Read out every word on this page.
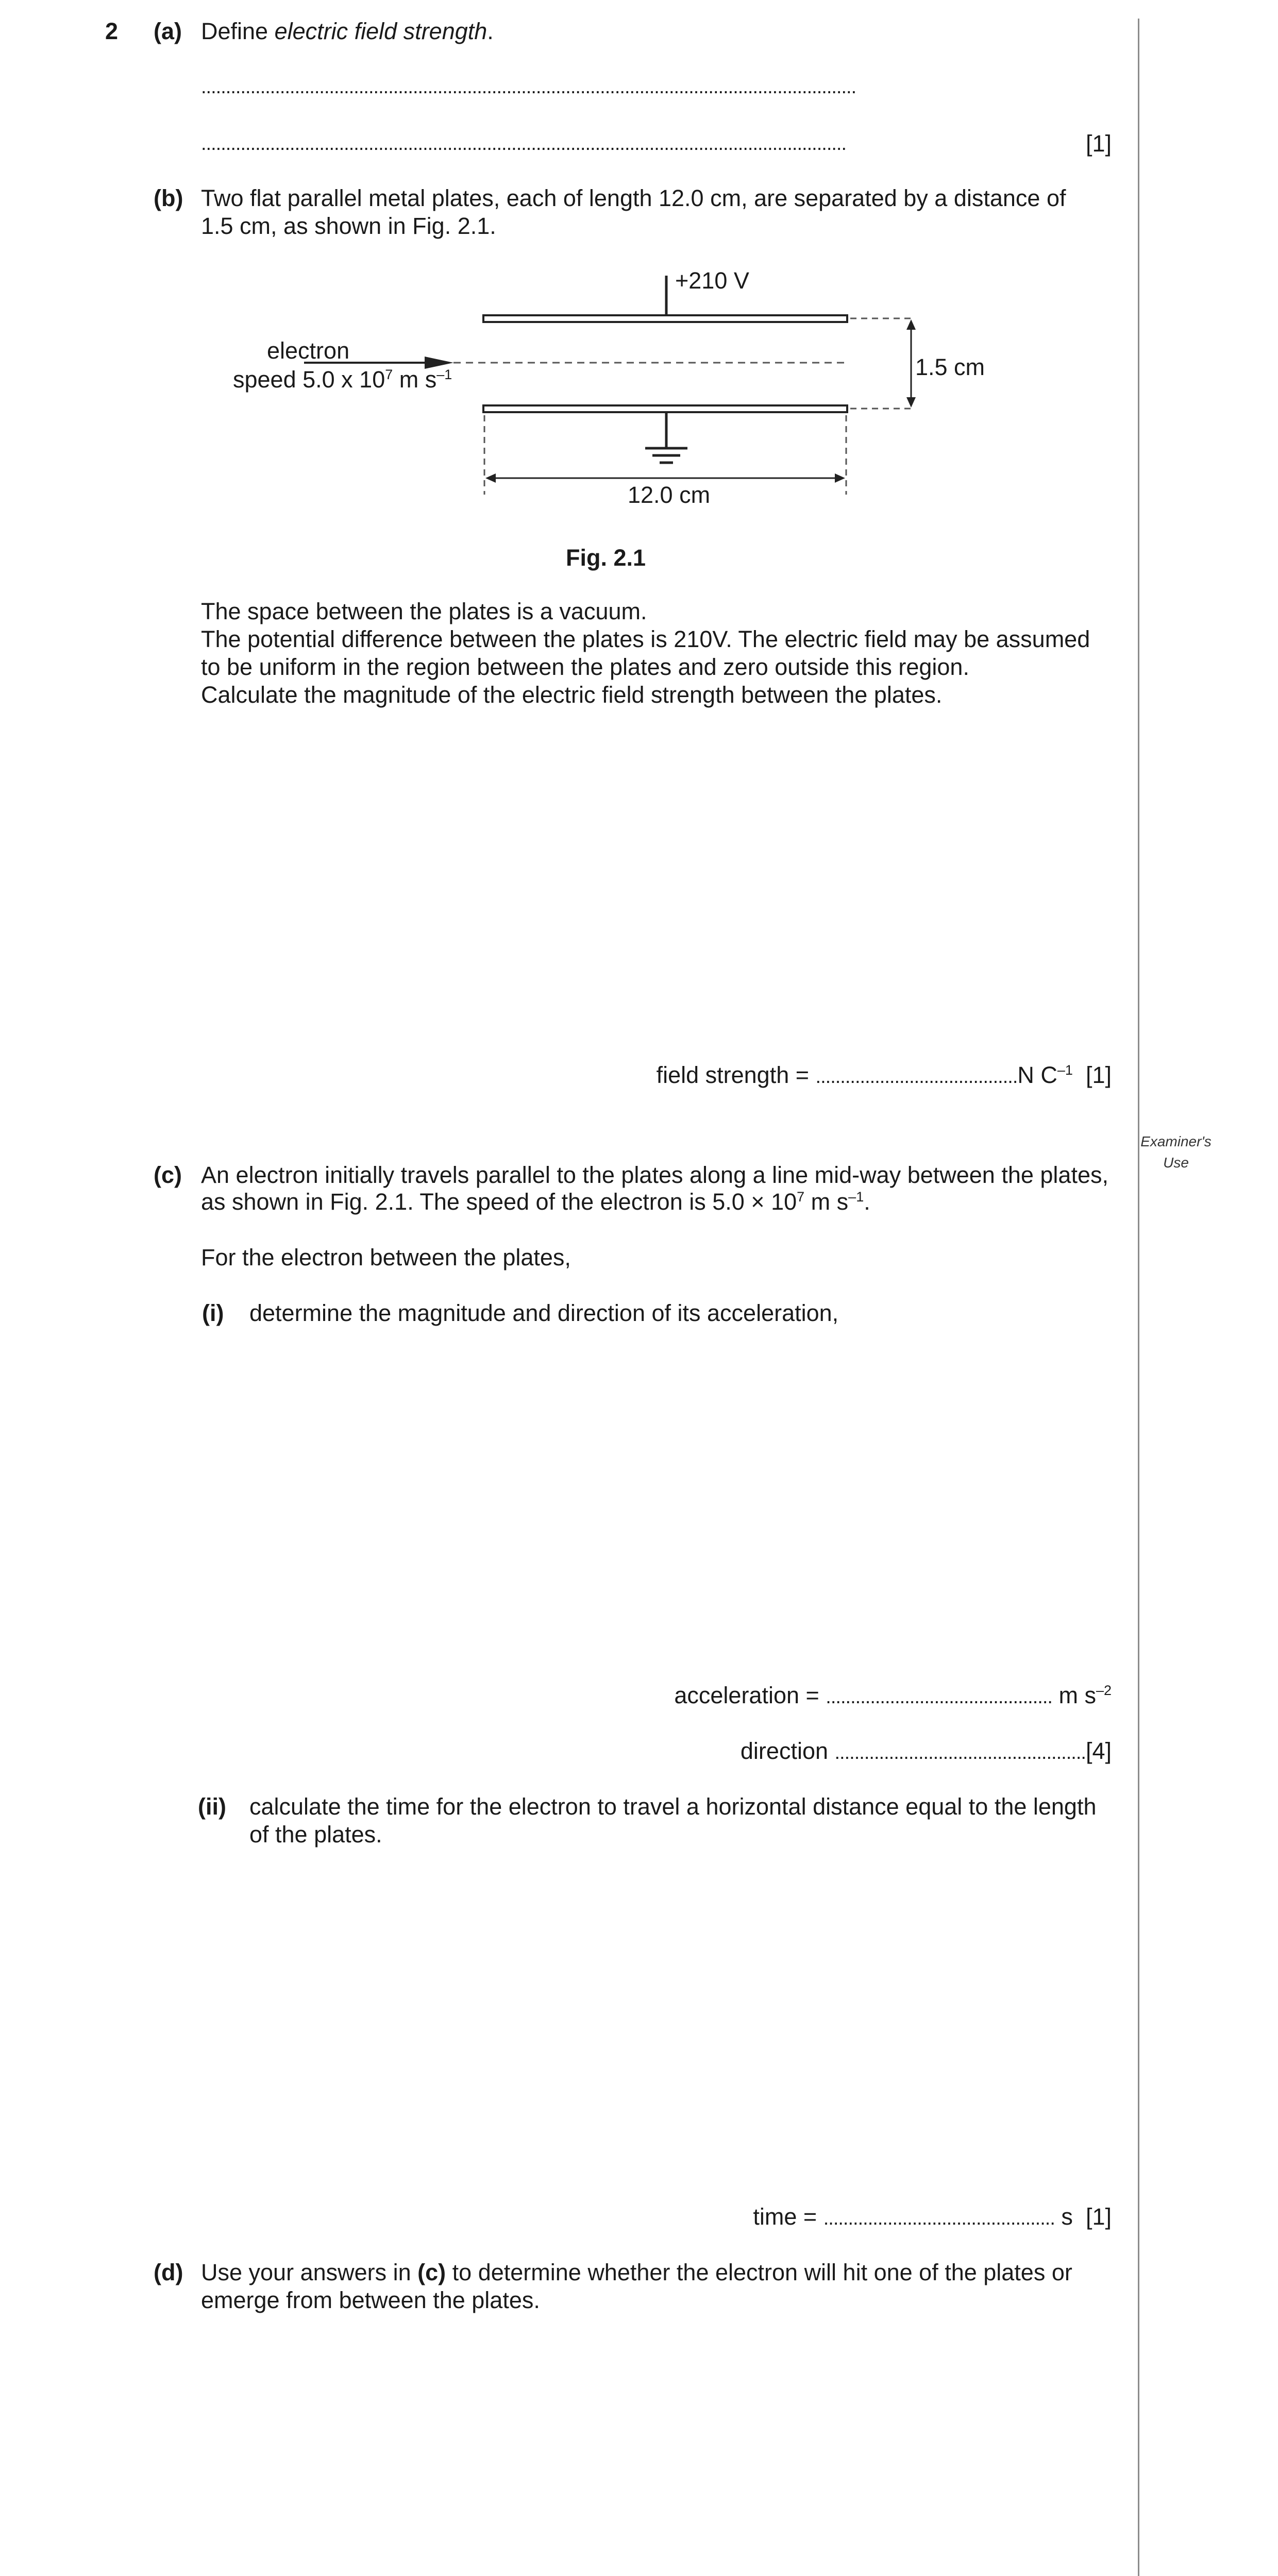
Examiner's
Use
2 (a) Define electric field strength.
.....................................................................................................................................
...................................................................................................................................	[1]
(b) Two flat parallel metal plates, each of length 12.0 cm, are separated by a distance of
1.5 cm, as shown in Fig. 2.1.
+210 V
electron
speed 5.0 x $10^7$ m $s^{-1}$	1.5 cm
12.0 cm
Fig. 2.1
The space between the plates is a vacuum.
The potential difference between the plates is 210V. The electric field may be assumed
to be uniform in the region between the plates and zero outside this region.
Calculate the magnitude of the electric field strength between the plates.
field strength = .........................................N $C^{-1}$ [1]
(c) An electron initially travels parallel to the plates along a line mid-way between the plates,
as shown in Fig. 2.1. The speed of the electron is $5.0 \times 10^7$ m $s^{-1}$.
For the electron between the plates,
(i) determine the magnitude and direction of its acceleration,
acceleration = .............................................. m $s^{-2}$
direction ...................................................[4]
(ii) calculate the time for the electron to travel a horizontal distance equal to the length
of the plates.
time = ............................................... s [1]
(d) Use your answers in (c) to determine whether the electron will hit one of the plates or
emerge from between the plates.
